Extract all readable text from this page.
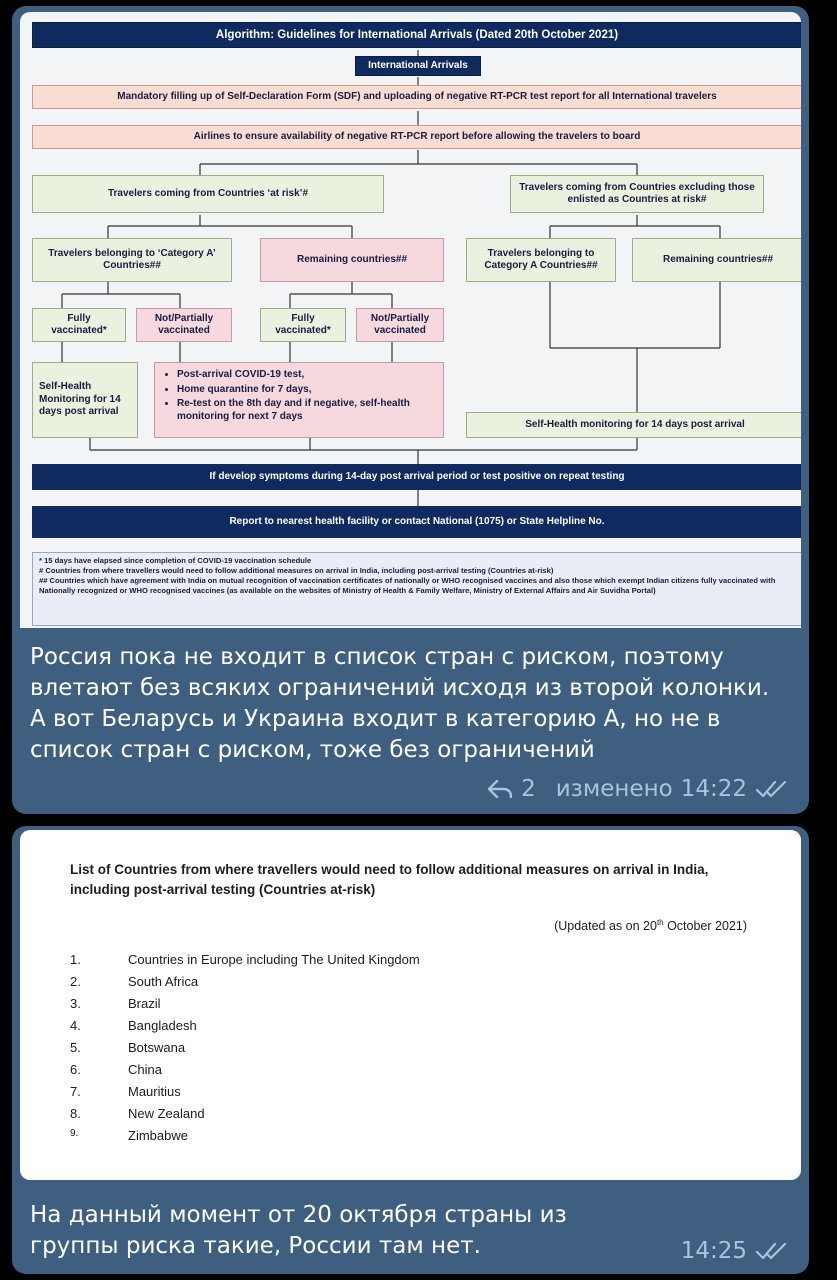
Algorithm: Guidelines for International Arrivals (Dated 20th October 2021)
International Arrivals
Mandatory filling up of Self-Declaration Form (SDF) and uploading of negative RT-PCR test report for all International travelers
Airlines to ensure availability of negative RT-PCR report before allowing the travelers to board
Travelers coming from Countries ‘at risk’#
Travelers coming from Countries excluding those enlisted as Countries at risk#
Travelers belonging to ‘Category A’ Countries##
Remaining countries##
Travelers belonging to Category A Countries##
Remaining countries##
Fully vaccinated*
Not/Partially vaccinated
Fully vaccinated*
Not/Partially vaccinated
Self-Health Monitoring for 14 days post arrival
• Post-arrival COVID-19 test,
• Home quarantine for 7 days,
• Re-test on the 8th day and if negative, self-health monitoring for next 7 days
Self-Health monitoring for 14 days post arrival
If develop symptoms during 14-day post arrival period or test positive on repeat testing
Report to nearest health facility or contact National (1075) or State Helpline No.
* 15 days have elapsed since completion of COVID-19 vaccination schedule
# Countries from where travellers would need to follow additional measures on arrival in India, including post-arrival testing (Countries at-risk)
## Countries which have agreement with India on mutual recognition of vaccination certificates of nationally or WHO recognised vaccines and also those which exempt Indian citizens fully vaccinated with Nationally recognized or WHO recognised vaccines (as available on the websites of Ministry of Health & Family Welfare, Ministry of External Affairs and Air Suvidha Portal)
Россия пока не входит в список стран с риском, поэтому влетают без всяких ограничений исходя из второй колонки. А вот Беларусь и Украина входит в категорию А, но не в список стран с риском, тоже без ограничений
2 изменено 14:22
List of Countries from where travellers would need to follow additional measures on arrival in India, including post-arrival testing (Countries at-risk)
(Updated as on 20th October 2021)
1.	Countries in Europe including The United Kingdom
2.	South Africa
3.	Brazil
4.	Bangladesh
5.	Botswana
6.	China
7.	Mauritius
8.	New Zealand
9.	Zimbabwe
На данный момент от 20 октября страны из группы риска такие, России там нет.	14:25
